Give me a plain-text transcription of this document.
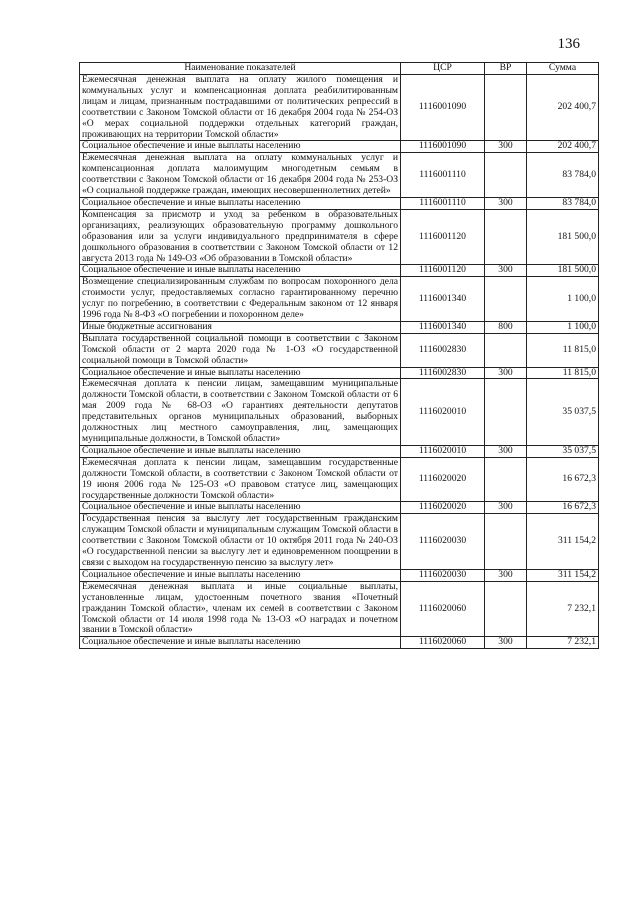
136
Наименование показателей	ЦСР	ВР	Сумма
Ежемесячная денежная выплата на оплату жилого помещения и коммунальных услуг и компенсационная доплата реабилитированным лицам и лицам, признанным пострадавшими от политических репрессий в соответствии с Законом Томской области от 16 декабря 2004 года № 254-ОЗ «О мерах социальной поддержки отдельных категорий граждан, проживающих на территории Томской области»	1116001090		202 400,7
Социальное обеспечение и иные выплаты населению	1116001090	300	202 400,7
Ежемесячная денежная выплата на оплату коммунальных услуг и компенсационная доплата малоимущим многодетным семьям в соответствии с Законом Томской области от 16 декабря 2004 года № 253-ОЗ «О социальной поддержке граждан, имеющих несовершеннолетних детей»	1116001110		83 784,0
Социальное обеспечение и иные выплаты населению	1116001110	300	83 784,0
Компенсация за присмотр и уход за ребенком в образовательных организациях, реализующих образовательную программу дошкольного образования или за услуги индивидуального предпринимателя в сфере дошкольного образования в соответствии с Законом Томской области от 12 августа 2013 года № 149-ОЗ «Об образовании в Томской области»	1116001120		181 500,0
Социальное обеспечение и иные выплаты населению	1116001120	300	181 500,0
Возмещение специализированным службам по вопросам похоронного дела стоимости услуг, предоставляемых согласно гарантированному перечню услуг по погребению, в соответствии с Федеральным законом от 12 января 1996 года № 8-ФЗ «О погребении и похоронном деле»	1116001340		1 100,0
Иные бюджетные ассигнования	1116001340	800	1 100,0
Выплата государственной социальной помощи в соответствии с Законом Томской области от 2 марта 2020 года № 1-ОЗ «О государственной социальной помощи в Томской области»	1116002830		11 815,0
Социальное обеспечение и иные выплаты населению	1116002830	300	11 815,0
Ежемесячная доплата к пенсии лицам, замещавшим муниципальные должности Томской области, в соответствии с Законом Томской области от 6 мая 2009 года № 68-ОЗ «О гарантиях деятельности депутатов представительных органов муниципальных образований, выборных должностных лиц местного самоуправления, лиц, замещающих муниципальные должности, в Томской области»	1116020010		35 037,5
Социальное обеспечение и иные выплаты населению	1116020010	300	35 037,5
Ежемесячная доплата к пенсии лицам, замещавшим государственные должности Томской области, в соответствии с Законом Томской области от 19 июня 2006 года № 125-ОЗ «О правовом статусе лиц, замещающих государственные должности Томской области»	1116020020		16 672,3
Социальное обеспечение и иные выплаты населению	1116020020	300	16 672,3
Государственная пенсия за выслугу лет государственным гражданским служащим Томской области и муниципальным служащим Томской области в соответствии с Законом Томской области от 10 октября 2011 года № 240-ОЗ «О государственной пенсии за выслугу лет и единовременном поощрении в связи с выходом на государственную пенсию за выслугу лет»	1116020030		311 154,2
Социальное обеспечение и иные выплаты населению	1116020030	300	311 154,2
Ежемесячная денежная выплата и иные социальные выплаты, установленные лицам, удостоенным почетного звания «Почетный гражданин Томской области», членам их семей в соответствии с Законом Томской области от 14 июля 1998 года № 13-ОЗ «О наградах и почетном звании в Томской области»	1116020060		7 232,1
Социальное обеспечение и иные выплаты населению	1116020060	300	7 232,1
